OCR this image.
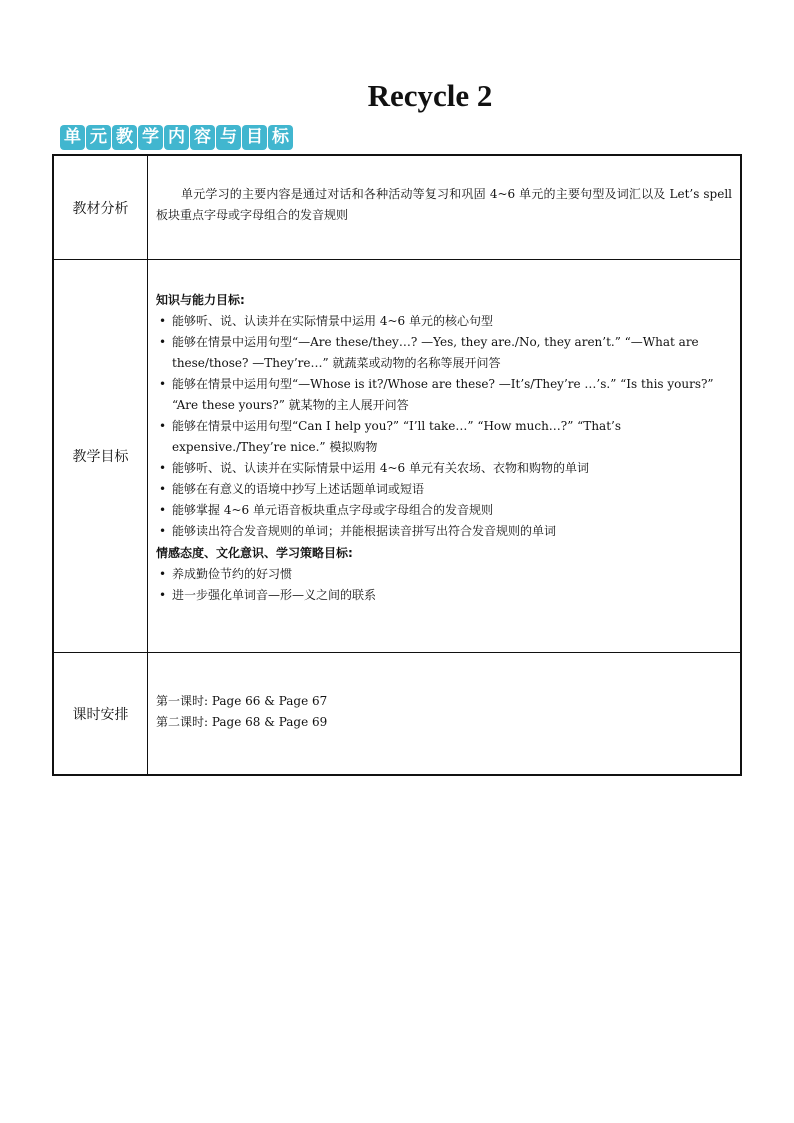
Recycle 2
单 元 教 学 内 容 与 目 标
教材分析
单元学习的主要内容是通过对话和各种活动等复习和巩固 4~6 单元的主要句型及词汇以及 Let’s spell 板块重点字母或字母组合的发音规则
教学目标
知识与能力目标:
• 能够听、说、认读并在实际情景中运用 4~6 单元的核心句型
• 能够在情景中运用句型“—Are these/they…? —Yes, they are./No, they aren’t.” “—What are these/those? —They’re…” 就蔬菜或动物的名称等展开问答
• 能够在情景中运用句型“—Whose is it?/Whose are these? —It’s/They’re …’s.” “Is this yours?” “Are these yours?” 就某物的主人展开问答
• 能够在情景中运用句型“Can I help you?” “I’ll take…” “How much…?” “That’s expensive./They’re nice.” 模拟购物
• 能够听、说、认读并在实际情景中运用 4~6 单元有关农场、衣物和购物的单词
• 能够在有意义的语境中抄写上述话题单词或短语
• 能够掌握 4~6 单元语音板块重点字母或字母组合的发音规则
• 能够读出符合发音规则的单词；并能根据读音拼写出符合发音规则的单词
情感态度、文化意识、学习策略目标:
• 养成勤俭节约的好习惯
• 进一步强化单词音—形—义之间的联系
课时安排
第一课时: Page 66 & Page 67
第二课时: Page 68 & Page 69
